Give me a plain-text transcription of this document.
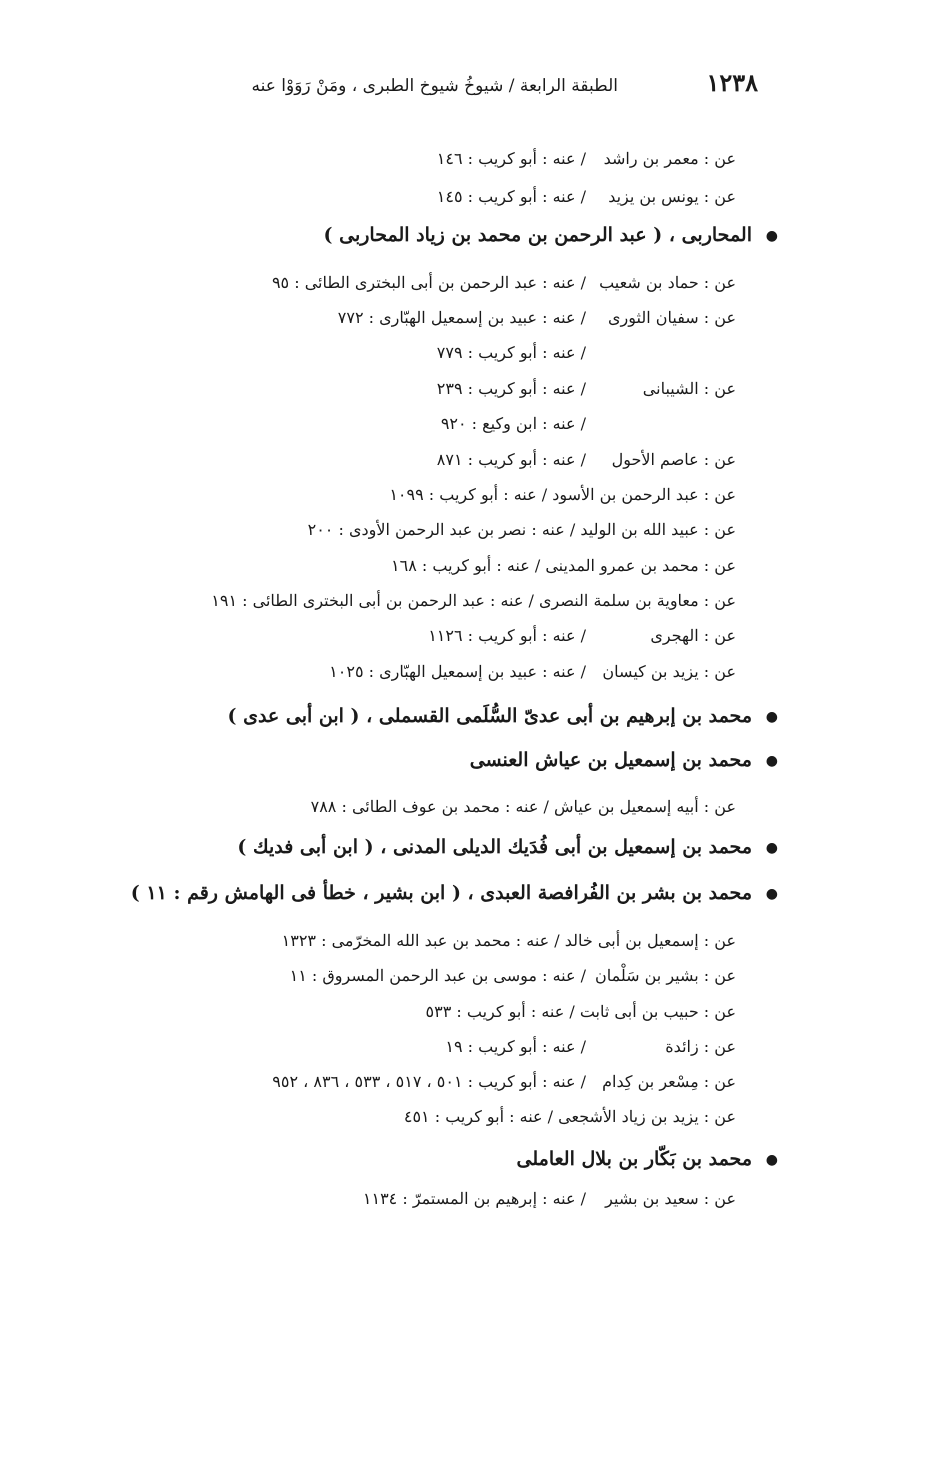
١٢٣٨
الطبقة الرابعة / شيوخُ شيوخ الطبرى ، ومَنْ رَوَوْا عنه
عن : معمر بن راشد/ عنه : أبو كريب : ١٤٦
عن : يونس بن يزيد/ عنه : أبو كريب : ١٤٥
●المحاربى ، ( عبد الرحمن بن محمد بن زياد المحاربى )
عن : حماد بن شعيب/ عنه : عبد الرحمن بن أبى البخترى الطائى : ٩٥
عن : سفيان الثورى/ عنه : عبيد بن إسمعيل الهبّارى : ٧٧٢
/ عنه : أبو كريب : ٧٧٩
عن : الشيبانى/ عنه : أبو كريب : ٢٣٩
/ عنه : ابن وكيع : ٩٢٠
عن : عاصم الأحول/ عنه : أبو كريب : ٨٧١
عن : عبد الرحمن بن الأسود / عنه : أبو كريب : ١٠٩٩
عن : عبيد الله بن الوليد / عنه : نصر بن عبد الرحمن الأودى : ٢٠٠
عن : محمد بن عمرو المدينى / عنه : أبو كريب : ١٦٨
عن : معاوية بن سلمة النصرى / عنه : عبد الرحمن بن أبى البخترى الطائى : ١٩١
عن : الهجرى/ عنه : أبو كريب : ١١٢٦
عن : يزيد بن كيسان/ عنه : عبيد بن إسمعيل الهبّارى : ١٠٢٥
●محمد بن إبرهيم بن أبى عدىّ السُّلَمى القسملى ، ( ابن أبى عدى )
●محمد بن إسمعيل بن عياش العنسى
عن : أبيه إسمعيل بن عياش / عنه : محمد بن عوف الطائى : ٧٨٨
●محمد بن إسمعيل بن أبى فُدَيك الديلى المدنى ، ( ابن أبى فديك )
●محمد بن بشر بن الفُرافصة العبدى ، ( ابن بشير ، خطأ فى الهامش رقم : ١١ )
عن : إسمعيل بن أبى خالد / عنه : محمد بن عبد الله المخرّمى : ١٣٢٣
عن : بشير بن سَلْمان/ عنه : موسى بن عبد الرحمن المسروق : ١١
عن : حبيب بن أبى ثابت / عنه : أبو كريب : ٥٣٣
عن : زائدة/ عنه : أبو كريب : ١٩
عن : مِسْعر بن كِدام/ عنه : أبو كريب : ٥٠١ ، ٥١٧ ، ٥٣٣ ، ٨٣٦ ، ٩٥٢
عن : يزيد بن زياد الأشجعى / عنه : أبو كريب : ٤٥١
●محمد بن بَكّار بن بلال العاملى
عن : سعيد بن بشير/ عنه : إبرهيم بن المستمرّ : ١١٣٤
